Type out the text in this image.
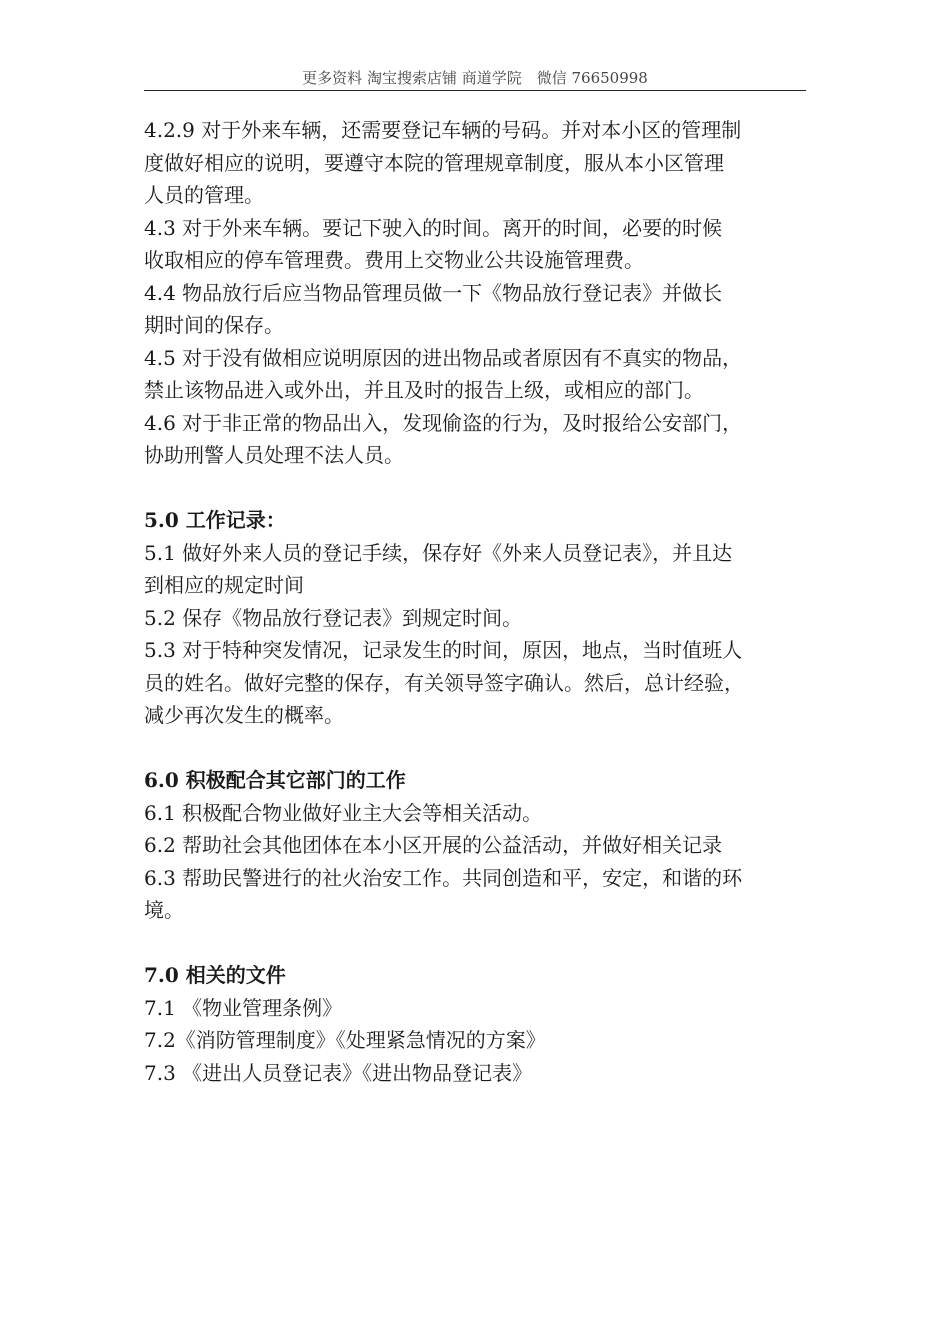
更多资料 淘宝搜索店铺 商道学院　微信 76650998
4.2.9 对于外来车辆，还需要登记车辆的号码。并对本小区的管理制
度做好相应的说明，要遵守本院的管理规章制度，服从本小区管理
人员的管理。
4.3 对于外来车辆。要记下驶入的时间。离开的时间，必要的时候
收取相应的停车管理费。费用上交物业公共设施管理费。
4.4 物品放行后应当物品管理员做一下《物品放行登记表》并做长
期时间的保存。
4.5 对于没有做相应说明原因的进出物品或者原因有不真实的物品，
禁止该物品进入或外出，并且及时的报告上级，或相应的部门。
4.6 对于非正常的物品出入，发现偷盗的行为，及时报给公安部门，
协助刑警人员处理不法人员。
5.0 工作记录：
5.1 做好外来人员的登记手续，保存好《外来人员登记表》，并且达
到相应的规定时间
5.2 保存《物品放行登记表》到规定时间。
5.3 对于特种突发情况，记录发生的时间，原因，地点，当时值班人
员的姓名。做好完整的保存，有关领导签字确认。然后，总计经验，
减少再次发生的概率。
6.0 积极配合其它部门的工作
6.1 积极配合物业做好业主大会等相关活动。
6.2 帮助社会其他团体在本小区开展的公益活动，并做好相关记录
6.3 帮助民警进行的社火治安工作。共同创造和平，安定，和谐的环
境。
7.0 相关的文件
7.1 《物业管理条例》
7.2《消防管理制度》《处理紧急情况的方案》
7.3 《进出人员登记表》《进出物品登记表》
